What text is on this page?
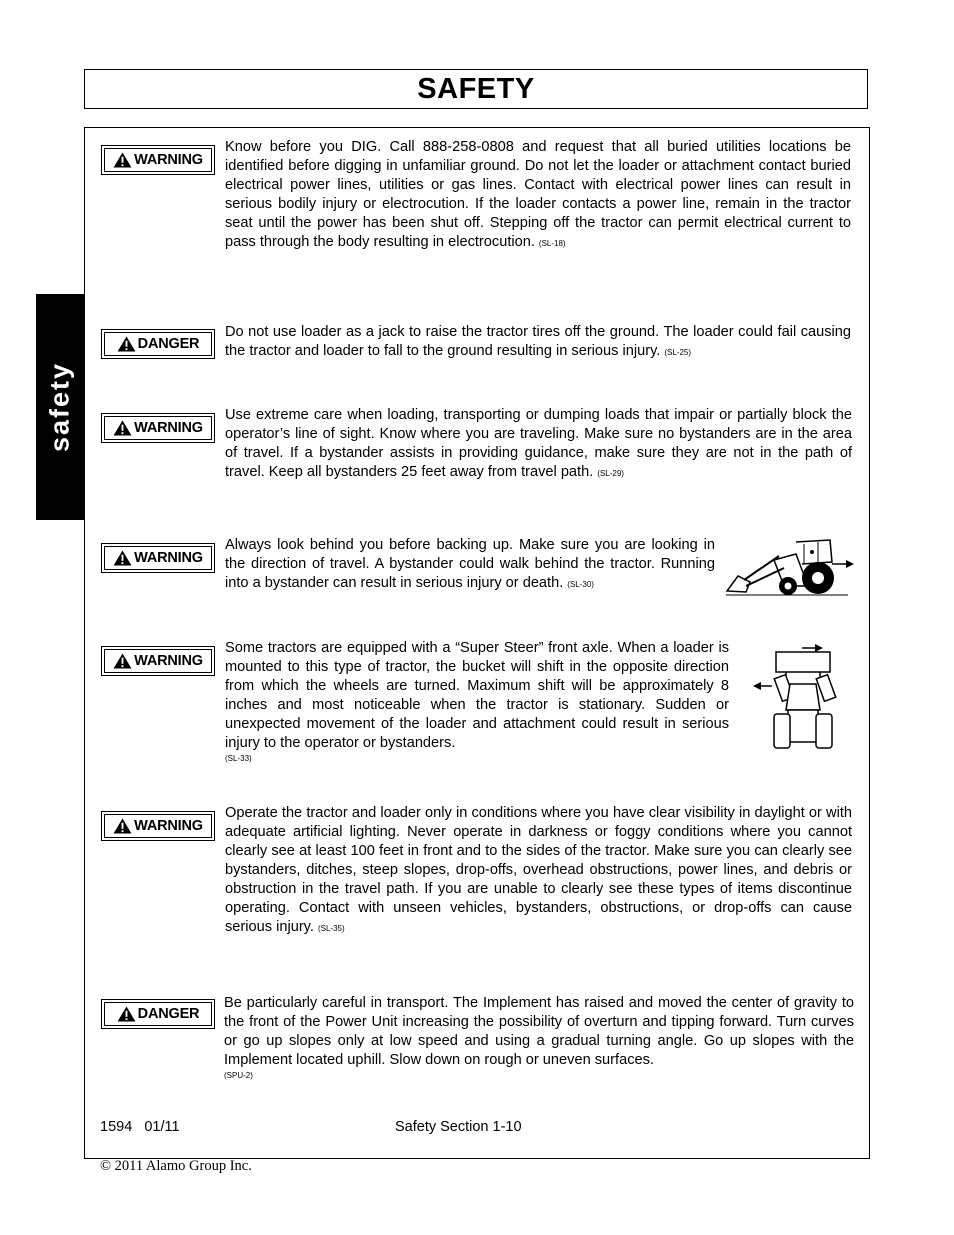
SAFETY
safety
WARNING

Know before you DIG. Call 888-258-0808 and request that all buried utilities locations be identified before digging in unfamiliar ground. Do not let the loader or attachment contact buried electrical power lines, utilities or gas lines. Contact with electrical power lines can result in serious bodily injury or electrocution. If the loader contacts a power line, remain in the tractor seat until the power has been shut off. Stepping off the tractor can permit electrical current to pass through the body resulting in electrocution. (SL-18)

DANGER

Do not use loader as a jack to raise the tractor tires off the ground. The loader could fail causing the tractor and loader to fall to the ground resulting in serious injury. (SL-25)

WARNING

Use extreme care when loading, transporting or dumping loads that impair or partially block the operator’s line of sight. Know where you are traveling. Make sure no bystanders are in the area of travel. If a bystander assists in providing guidance, make sure they are not in the path of travel. Keep all bystanders 25 feet away from travel path. (SL-29)

WARNING

Always look behind you before backing up. Make sure you are looking in the direction of travel. A bystander could walk behind the tractor. Running into a bystander can result in serious injury or death. (SL-30)

WARNING

Some tractors are equipped with a “Super Steer” front axle. When a loader is mounted to this type of tractor, the bucket will shift in the opposite direction from which the wheels are turned. Maximum shift will be approximately 8 inches and most noticeable when the tractor is stationary. Sudden or unexpected movement of the loader and attachment could result in serious injury to the operator or bystanders.
(SL-33)

WARNING

Operate the tractor and loader only in conditions where you have clear visibility in daylight or with adequate artificial lighting. Never operate in darkness or foggy conditions where you cannot clearly see at least 100 feet in front and to the sides of the tractor. Make sure you can clearly see bystanders, ditches, steep slopes, drop-offs, overhead obstructions, power lines, and debris or obstruction in the travel path. If you are unable to clearly see these types of items discontinue operating. Contact with unseen vehicles, bystanders, obstructions, or drop-offs can cause serious injury. (SL-35)

DANGER

Be particularly careful in transport. The Implement has raised and moved the center of gravity to the front of the Power Unit increasing the possibility of overturn and tipping forward. Turn curves or go up slopes only at low speed and using a gradual turning angle. Go up slopes with the Implement located uphill. Slow down on rough or uneven surfaces.
(SPU-2)

1594   01/11	Safety Section 1-10
© 2011 Alamo Group Inc.
